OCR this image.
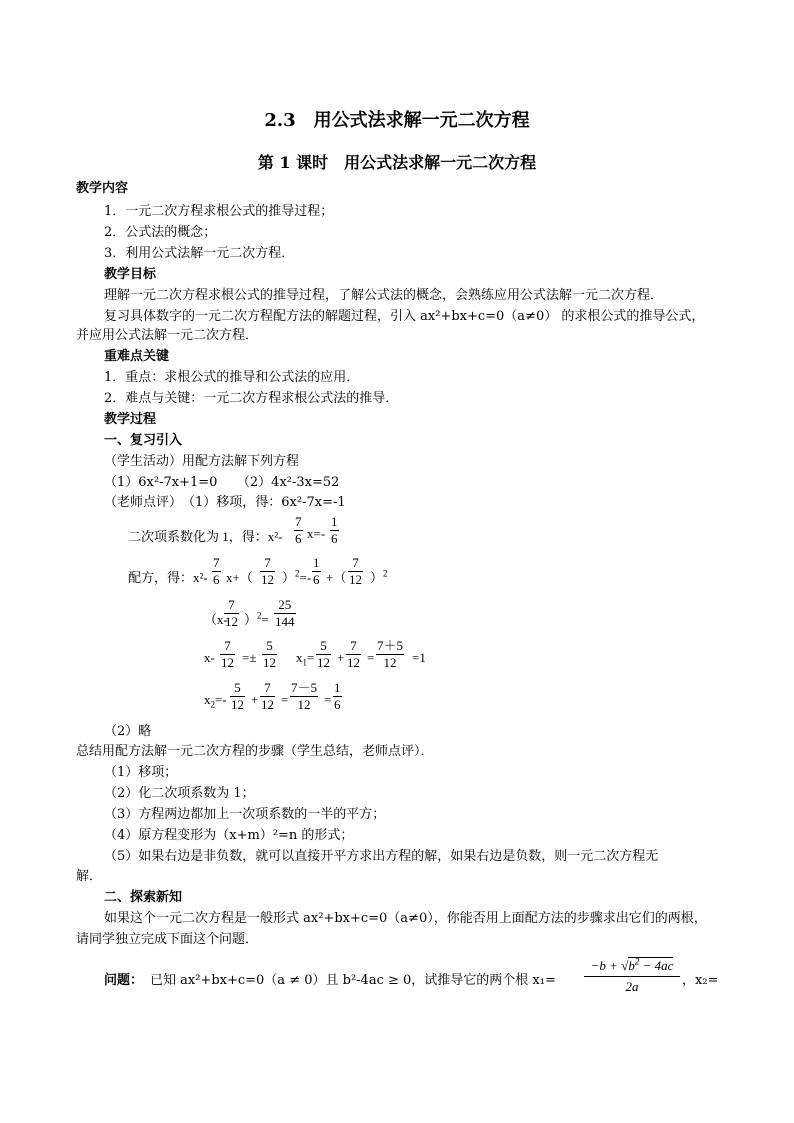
2.3　用公式法求解一元二次方程
第 1 课时　用公式法求解一元二次方程
教学内容
1．一元二次方程求根公式的推导过程；
2．公式法的概念；
3．利用公式法解一元二次方程．
教学目标
理解一元二次方程求根公式的推导过程，了解公式法的概念，会熟练应用公式法解一元二次方程．
复习具体数字的一元二次方程配方法的解题过程，引入 ax²+bx+c=0（a≠0） 的求根公式的推导公式，
并应用公式法解一元二次方程．
重难点关键
1．重点：求根公式的推导和公式法的应用．
2．难点与关键：一元二次方程求根公式法的推导．
教学过程
一、复习引入
（学生活动）用配方法解下列方程
（1）6x²-7x+1=0　　（2）4x²-3x=52
（老师点评）　（1）移项，得：6x²-7x=-1
二次项系数化为 1，得：$x^2- \frac{7}{6} x=- \frac{1}{6}$
配方，得：$x^2- \frac{7}{6} x+( \frac{7}{12} )^2=- \frac{1}{6}$ +（ $\frac{7}{12} )^2$
（x-
$\frac{7}{12} )^2= \frac{25}{144}$
$x- \frac{7}{12} =\pm \frac{5}{12} x_1= \frac{5}{12} + \frac{7}{12} = \frac{7+5}{12} =1$
$x_2=- \frac{5}{12} + \frac{7}{12} = \frac{7-5}{12} = \frac{1}{6}$
（2）略
总结用配方法解一元二次方程的步骤（学生总结，老师点评）．
（1）移项；
（2）化二次项系数为 1；
（3）方程两边都加上一次项系数的一半的平方；
（4）原方程变形为（x+m）²=n 的形式；
（5）如果右边是非负数，就可以直接开平方求出方程的解，如果右边是负数，则一元二次方程无
解．
二、探索新知
如果这个一元二次方程是一般形式 ax²+bx+c=0（a≠0），你能否用上面配方法的步骤求出它们的两根，
请同学独立完成下面这个问题．
问题： 已知 ax²+bx+c=0（a ≠ 0）且 b²-4ac ≥ 0，试推导它的两个根 x₁=
$-b + √b^2 - 4ac$
2a	，x₂=
